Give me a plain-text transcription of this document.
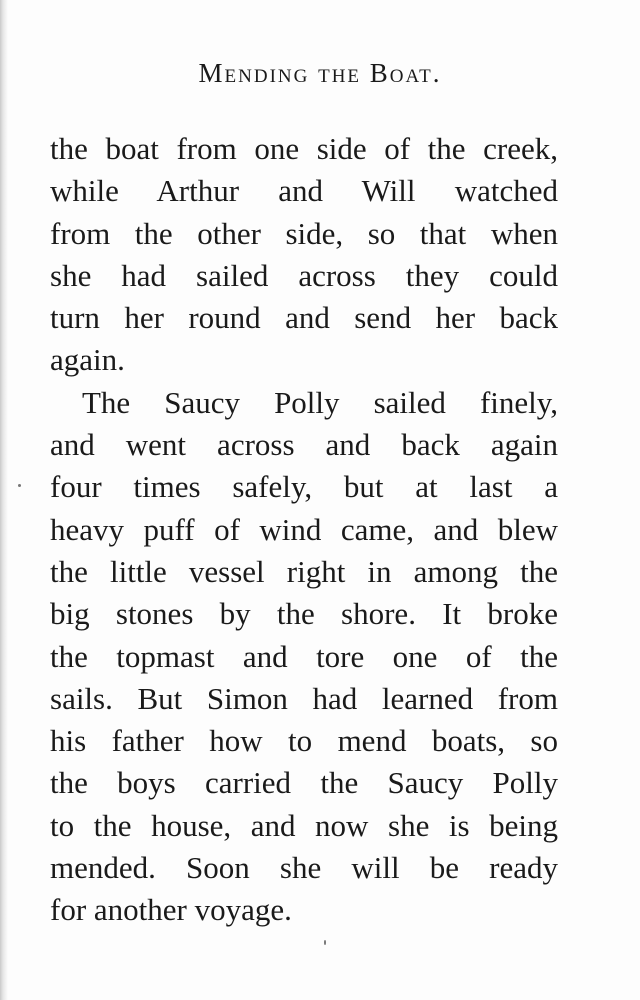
Mending the Boat.
the boat from one side of the creek,
while Arthur and Will watched
from the other side, so that when
she had sailed across they could
turn her round and send her back
again.
The Saucy Polly sailed finely,
and went across and back again
four times safely, but at last a
heavy puff of wind came, and blew
the little vessel right in among the
big stones by the shore. It broke
the topmast and tore one of the
sails. But Simon had learned from
his father how to mend boats, so
the boys carried the Saucy Polly
to the house, and now she is being
mended. Soon she will be ready
for another voyage.
